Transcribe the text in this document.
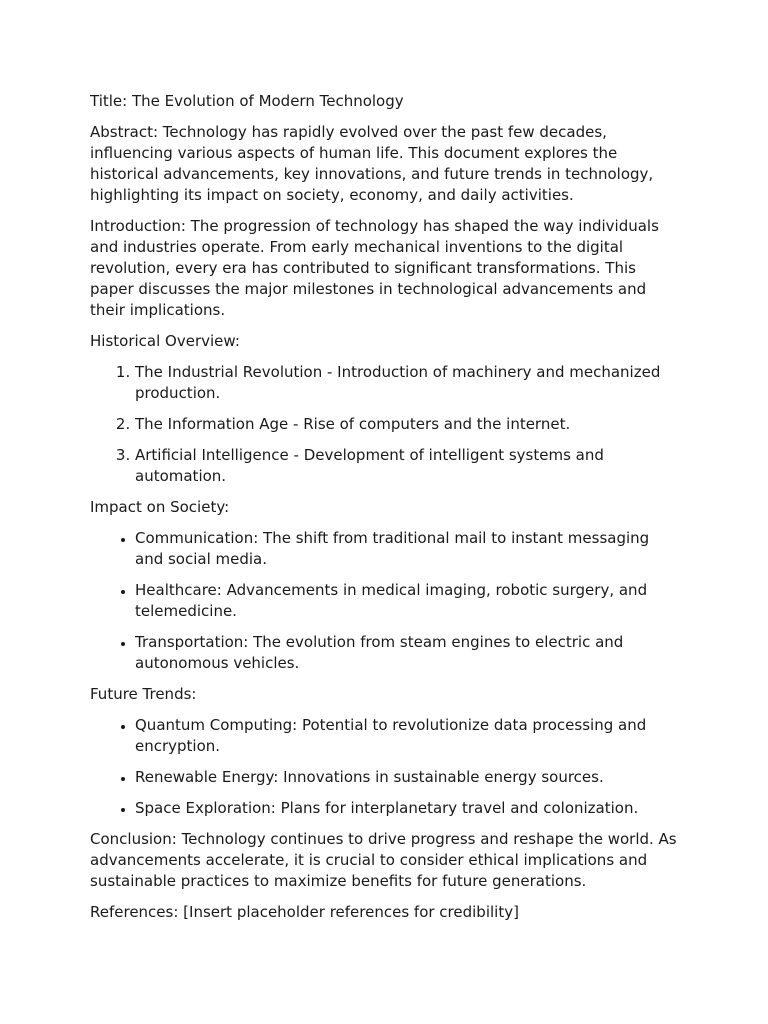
Title: The Evolution of Modern Technology

Abstract: Technology has rapidly evolved over the past few decades, influencing various aspects of human life. This document explores the historical advancements, key innovations, and future trends in technology, highlighting its impact on society, economy, and daily activities.

Introduction: The progression of technology has shaped the way individuals and industries operate. From early mechanical inventions to the digital revolution, every era has contributed to significant transformations. This paper discusses the major milestones in technological advancements and their implications.

Historical Overview:

1. The Industrial Revolution - Introduction of machinery and mechanized production.
2. The Information Age - Rise of computers and the internet.
3. Artificial Intelligence - Development of intelligent systems and automation.

Impact on Society:

• Communication: The shift from traditional mail to instant messaging and social media.
• Healthcare: Advancements in medical imaging, robotic surgery, and telemedicine.
• Transportation: The evolution from steam engines to electric and autonomous vehicles.

Future Trends:

• Quantum Computing: Potential to revolutionize data processing and encryption.
• Renewable Energy: Innovations in sustainable energy sources.
• Space Exploration: Plans for interplanetary travel and colonization.

Conclusion: Technology continues to drive progress and reshape the world. As advancements accelerate, it is crucial to consider ethical implications and sustainable practices to maximize benefits for future generations.

References: [Insert placeholder references for credibility]
